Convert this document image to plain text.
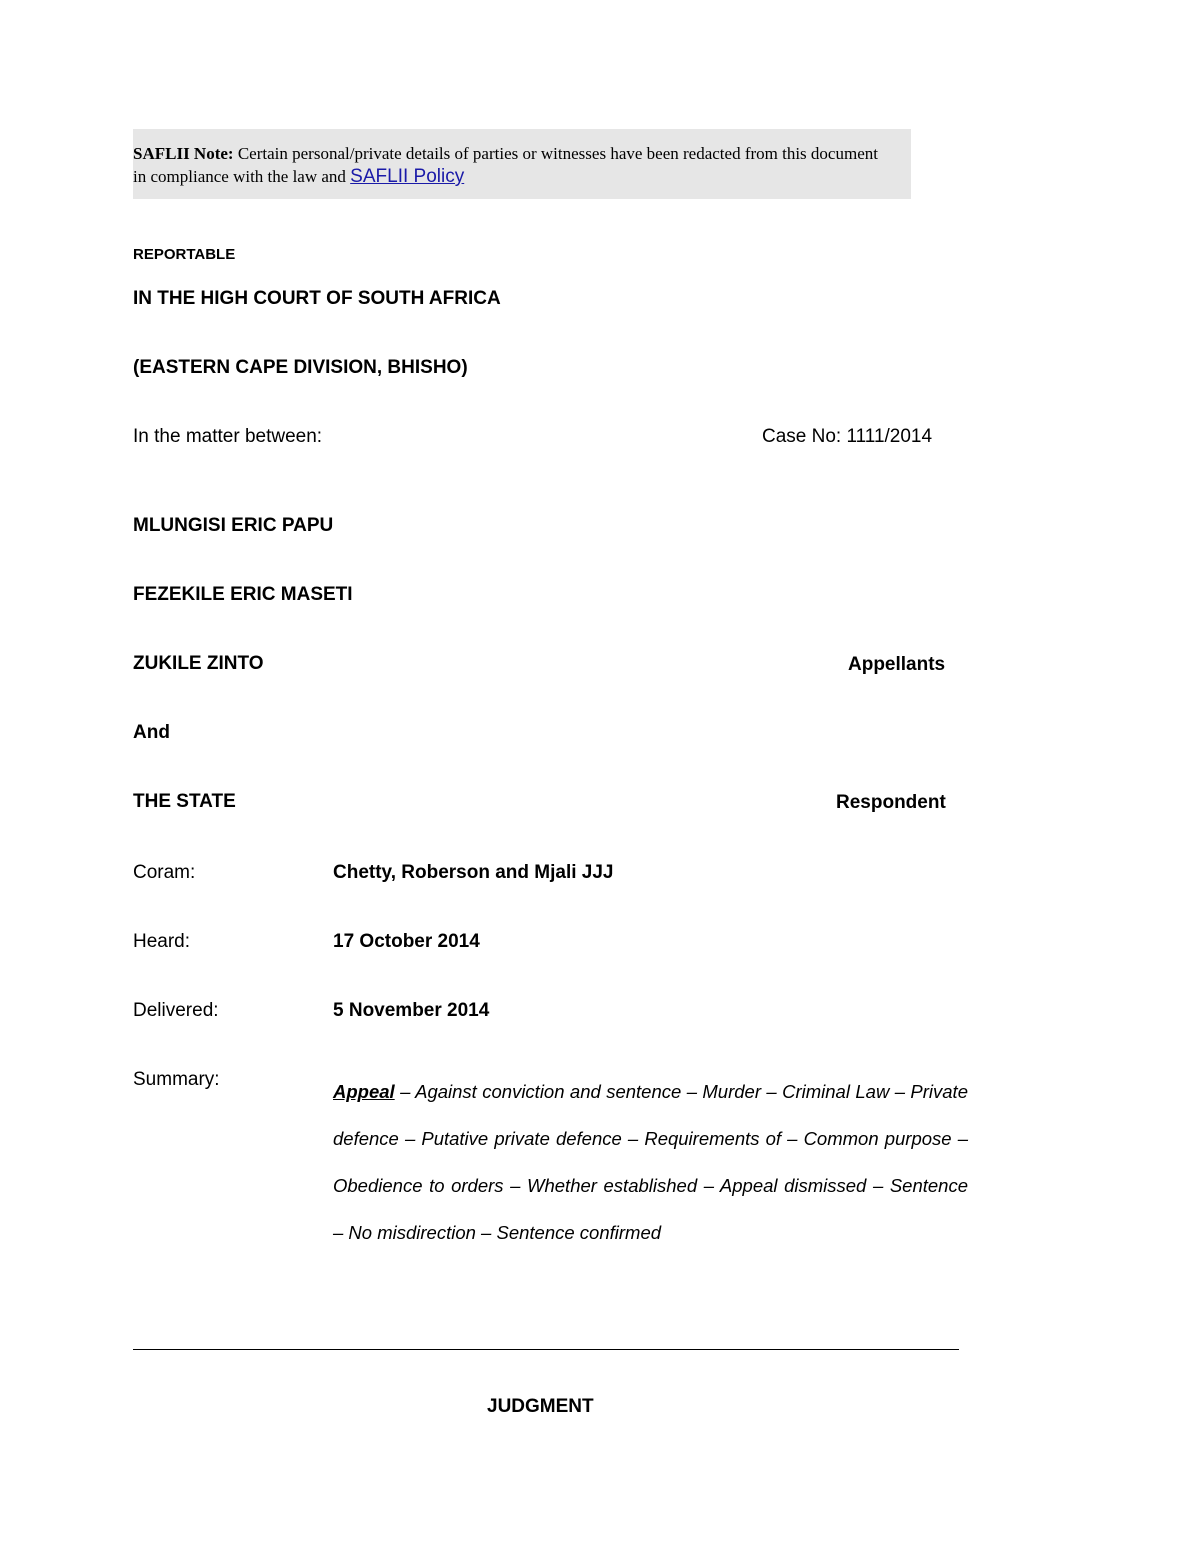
SAFLII Note: Certain personal/private details of parties or witnesses have been redacted from this document in compliance with the law and SAFLII Policy
REPORTABLE
IN THE HIGH COURT OF SOUTH AFRICA
(EASTERN CAPE DIVISION, BHISHO)
In the matter between:	Case No: 1111/2014
MLUNGISI ERIC PAPU
FEZEKILE ERIC MASETI
ZUKILE ZINTO	Appellants
And
THE STATE	Respondent
Coram:	Chetty, Roberson and Mjali JJJ
Heard:	17 October 2014
Delivered:	5 November 2014
Summary:
Appeal – Against conviction and sentence – Murder – Criminal Law – Private defence – Putative private defence – Requirements of – Common purpose – Obedience to orders – Whether established – Appeal dismissed – Sentence – No misdirection – Sentence confirmed
JUDGMENT
